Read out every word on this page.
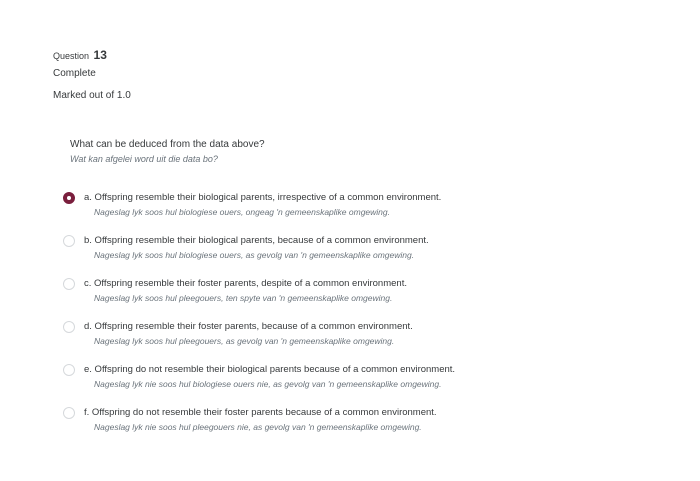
Question 13
Complete
Marked out of 1.0
What can be deduced from the data above?
Wat kan afgelei word uit die data bo?
a. Offspring resemble their biological parents, irrespective of a common environment.
Nageslag lyk soos hul biologiese ouers, ongeag 'n gemeenskaplike omgewing.
b. Offspring resemble their biological parents, because of a common environment.
Nageslag lyk soos hul biologiese ouers, as gevolg van 'n gemeenskaplike omgewing.
c. Offspring resemble their foster parents, despite of a common environment.
Nageslag lyk soos hul pleegouers, ten spyte van 'n gemeenskaplike omgewing.
d. Offspring resemble their foster parents, because of a common environment.
Nageslag lyk soos hul pleegouers, as gevolg van 'n gemeenskaplike omgewing.
e. Offspring do not resemble their biological parents because of a common environment.
Nageslag lyk nie soos hul biologiese ouers nie, as gevolg van 'n gemeenskaplike omgewing.
f. Offspring do not resemble their foster parents because of a common environment.
Nageslag lyk nie soos hul pleegouers nie, as gevolg van 'n gemeenskaplike omgewing.
